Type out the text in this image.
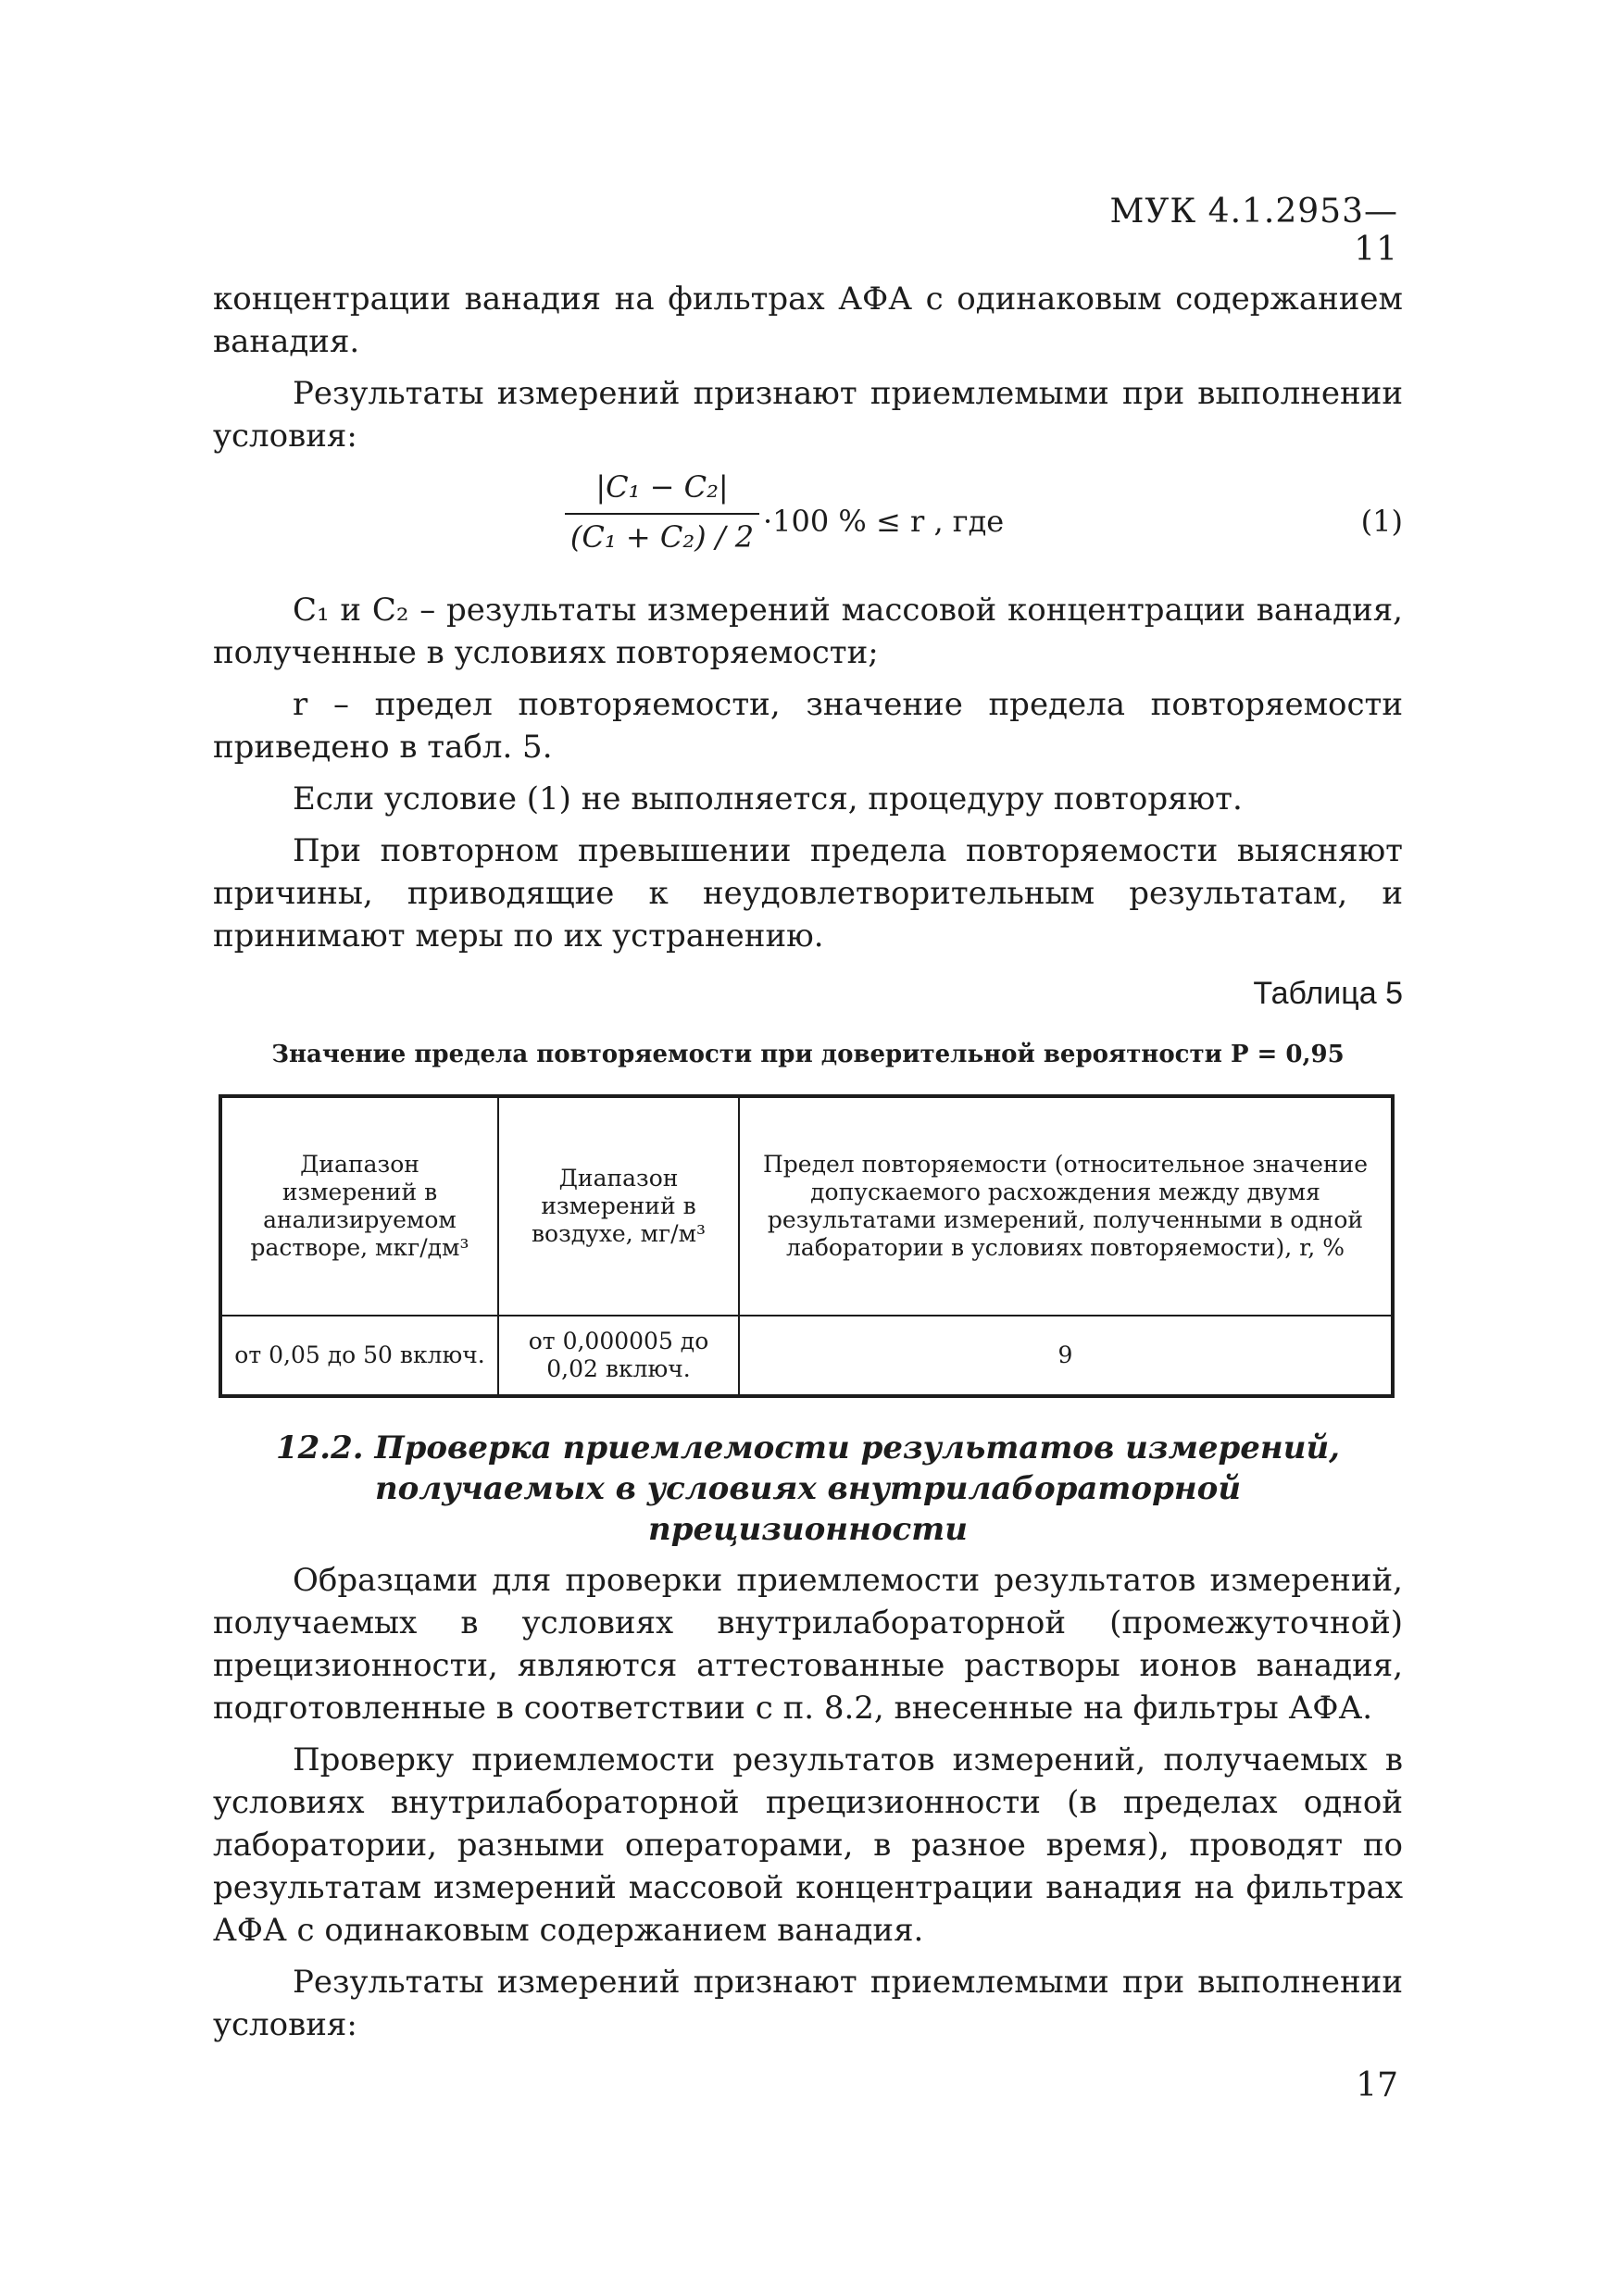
МУК 4.1.2953—11

концентрации ванадия на фильтрах АФА с одинаковым содержанием ванадия.

Результаты измерений признают приемлемыми при выполнении условия:

$\frac{\text{|C₁ − C₂|}}{\text{(C₁ + C₂) / 2}} \cdot 100$ % ≤ r , где	(1)

C₁ и C₂ – результаты измерений массовой концентрации ванадия, полученные в условиях повторяемости;

r – предел повторяемости, значение предела повторяемости приведено в табл. 5.

Если условие (1) не выполняется, процедуру повторяют.

При повторном превышении предела повторяемости выясняют причины, приводящие к неудовлетворительным результатам, и принимают меры по их устранению.

Таблица 5
Значение предела повторяемости при доверительной вероятности P = 0,95
Диапазон измерений в анализируемом растворе, мкг/дм³	Диапазон измерений в воздухе, мг/м³	Предел повторяемости (относительное значение допускаемого расхождения между двумя результатами измерений, полученными в одной лаборатории в условиях повторяемости), r, %
от 0,05 до 50 включ.	от 0,000005 до 0,02 включ.	9
12.2. Проверка приемлемости результатов измерений,
получаемых в условиях внутрилабораторной прецизионности

Образцами для проверки приемлемости результатов измерений, получаемых в условиях внутрилабораторной (промежуточной) прецизионности, являются аттестованные растворы ионов ванадия, подготовленные в соответствии с п. 8.2, внесенные на фильтры АФА.

Проверку приемлемости результатов измерений, получаемых в условиях внутрилабораторной прецизионности (в пределах одной лаборатории, разными операторами, в разное время), проводят по результатам измерений массовой концентрации ванадия на фильтрах АФА с одинаковым содержанием ванадия.

Результаты измерений признают приемлемыми при выполнении условия:

17
